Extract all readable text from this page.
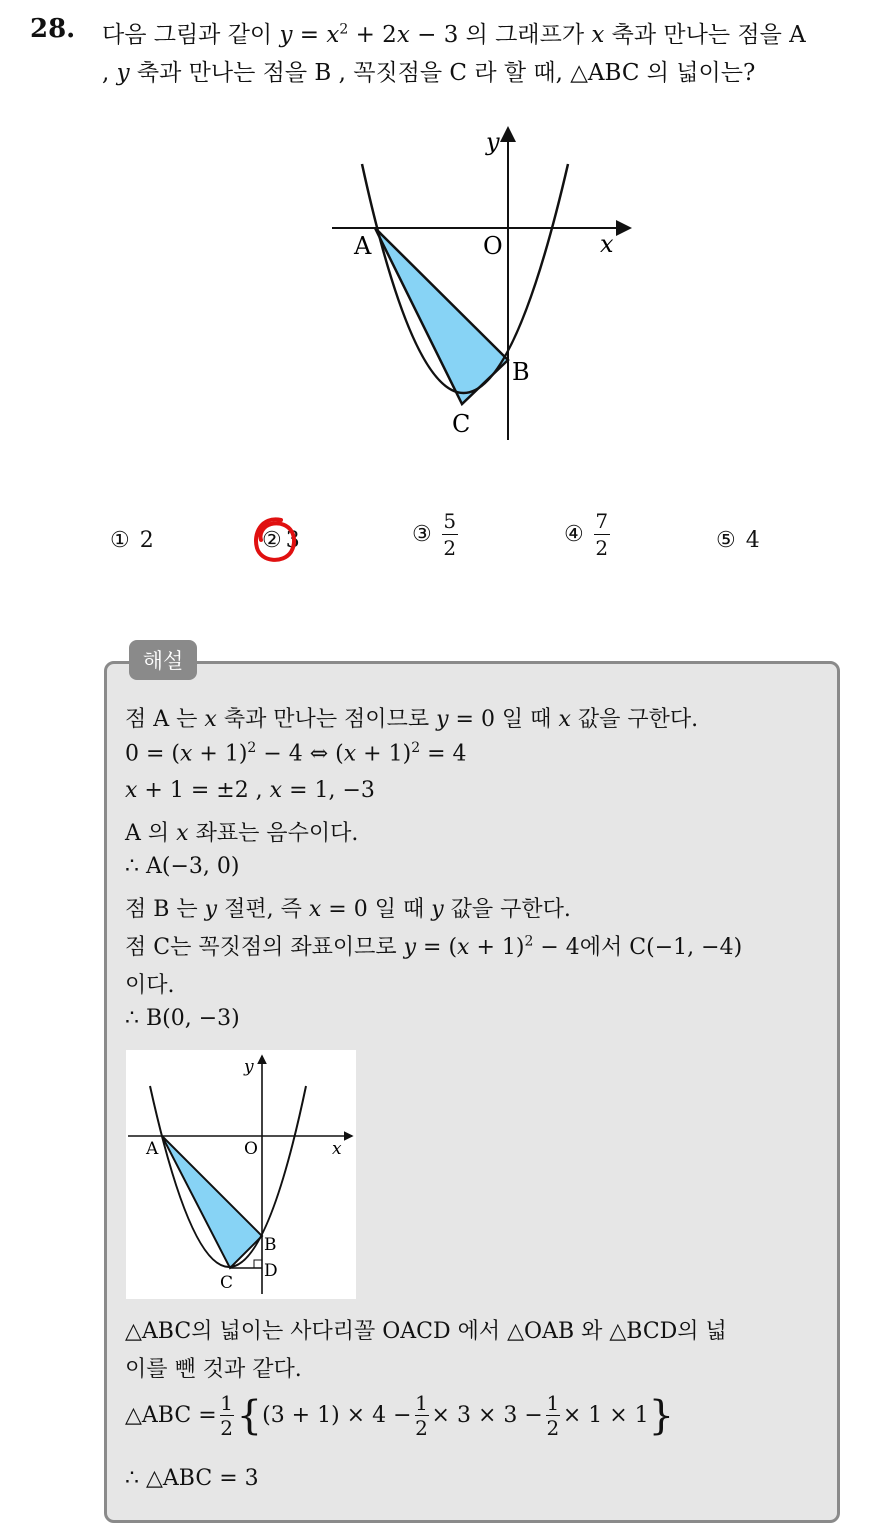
28. 다음 그림과 같이 $y = x^2 + 2x - 3$ 의 그래프가 x 축과 만나는 점을 A
, y 축과 만나는 점을 B , 꼭짓점을 C 라 할 때, △ABC 의 넓이는?
y
x
O
A
B
C
① 2	② 3	③ $\frac{5}{2}$	④ $\frac{7}{2}$	⑤ 4
해설
점 A 는 x 축과 만나는 점이므로 y = 0 일 때 x 값을 구한다.
$0 = (x + 1)^2 - 4$ ⇔ $(x + 1)^2 = 4$
x + 1 = ±2 , x = 1, −3
A 의 x 좌표는 음수이다.
∴ A(−3, 0)
점 B 는 y 절편, 즉 x = 0 일 때 y 값을 구한다.
점 C는 꼭짓점의 좌표이므로 $y = (x + 1)^2 - 4$에서 C(−1, −4)
이다.
∴ B(0, −3)
y
x
O
A
B
C
D
△ABC의 넓이는 사다리꼴 OACD 에서 △OAB 와 △BCD의 넓
이를 뺀 것과 같다.
△ABC = 1
2 { (3 + 1) × 4 − 1
2 × 3 × 3 − 1
2 × 1 × 1 }
∴ △ABC = 3
